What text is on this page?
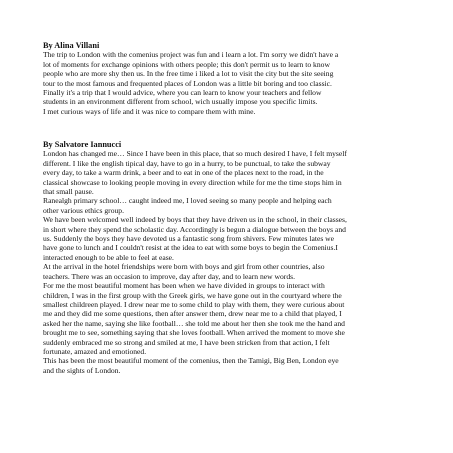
By Alina Villani

The trip to London with the comenius project was fun and i learn a lot. I'm sorry we didn't have a
lot of moments for exchange opinions with others people; this don't permit us to learn to know
people who are more shy then us. In the free time i liked a lot to visit the city but the site seeing
tour to the most famous and frequented places of London was a little bit boring and too classic.
Finally it's a trip that I would advice, where you can learn to know your teachers and fellow
students in an environment different from school, wich usually impose you specific limits.

I met curious ways of life and it was nice to compare them with mine.

By Salvatore Iannucci

London has changed me… Since I have been in this place, that so much desired I have, I felt myself
different. I like the english tipical day, have to go in a hurry, to be punctual, to take the subway
every day, to take a warm drink, a beer and to eat in one of the places next to the road, in the
classical showcase to looking people moving in every direction while for me the time stops him in
that small pause.

Ranealgh primary school… caught indeed me, I loved seeing so many people and helping each
other various ethics group.

We have been welcomed well indeed by boys that they have driven us in the school, in their classes,
in short where they spend the scholastic day. Accordingly is begun a dialogue between the boys and
us. Suddenly the boys they have devoted us a fantastic song from shivers. Few minutes lates we
have gone to lunch and I couldn't resist at the idea to eat with some boys to begin the Comenius.I
interacted enough to be able to feel at ease.

At the arrival in the hotel friendships were born with boys and girl from other countries, also
teachers. There was an occasion to improve, day after day, and to learn new words.

For me the most beautiful moment has been when we have divided in groups to interact with
children, I was in the first group with the Greek girls, we have gone out in the courtyard where the
smallest childreen played. I drew near me to some child to play with them, they were curious about
me and they did me some questions, then after answer them, drew near me to a child that played, I
asked her the name, saying she like football… she told me about her then she took me the hand and
brought me to see, something saying that she loves football. When arrived the moment to move she
suddenly embraced me so strong and smiled at me, I have been stricken from that action, I felt
fortunate, amazed and emotioned.

This has been the most beautiful moment of the comenius, then the Tamigi, Big Ben, London eye
and the sights of London.
